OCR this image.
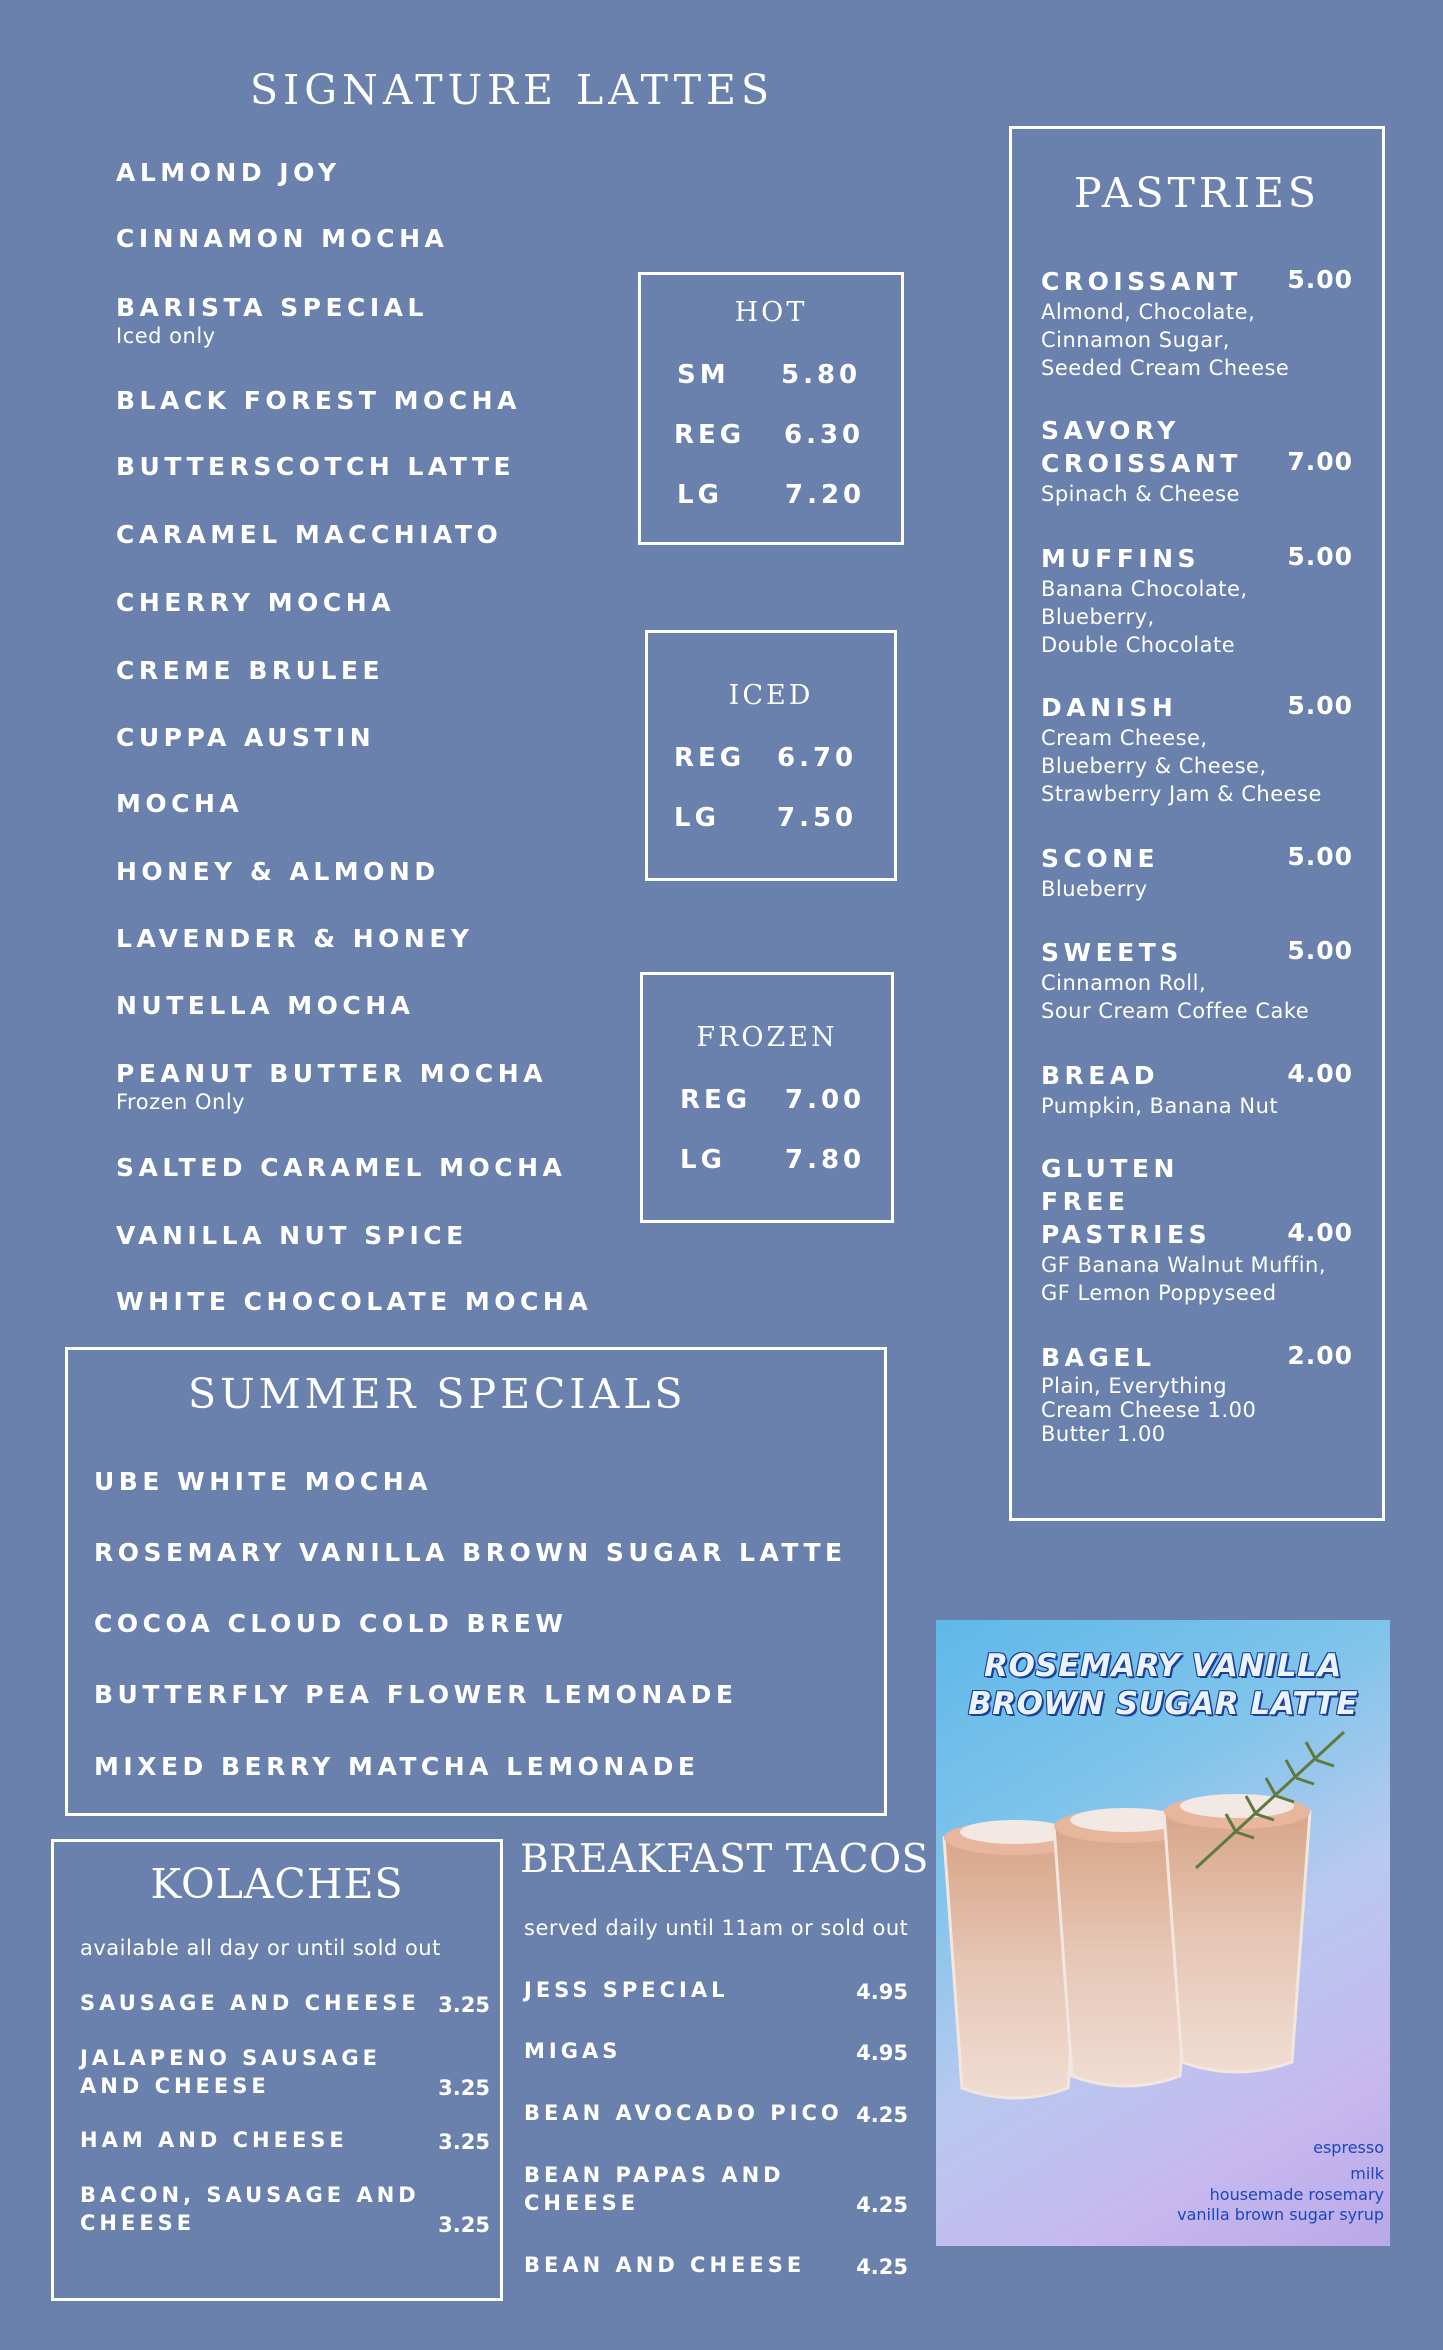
SIGNATURE LATTES
ALMOND JOY
CINNAMON MOCHA
BARISTA SPECIAL
Iced only
BLACK FOREST MOCHA
BUTTERSCOTCH LATTE
CARAMEL MACCHIATO
CHERRY MOCHA
CREME BRULEE
CUPPA AUSTIN
MOCHA
HONEY & ALMOND
LAVENDER & HONEY
NUTELLA MOCHA
PEANUT BUTTER MOCHA
Frozen Only
SALTED CARAMEL MOCHA
VANILLA NUT SPICE
WHITE CHOCOLATE MOCHA
HOT
SM 5.80
REG 6.30
LG 7.20
ICED
REG 6.70
LG 7.50
FROZEN
REG 7.00
LG 7.80
PASTRIES
CROISSANT	5.00
Almond, Chocolate,
Cinnamon Sugar,
Seeded Cream Cheese
SAVORY
CROISSANT	7.00
Spinach & Cheese
MUFFINS	5.00
Banana Chocolate,
Blueberry,
Double Chocolate
DANISH	5.00
Cream Cheese,
Blueberry & Cheese,
Strawberry Jam & Cheese
SCONE	5.00
Blueberry
SWEETS	5.00
Cinnamon Roll,
Sour Cream Coffee Cake
BREAD	4.00
Pumpkin, Banana Nut
GLUTEN
FREE
PASTRIES	4.00
GF Banana Walnut Muffin,
GF Lemon Poppyseed
BAGEL	2.00
Plain, Everything
Cream Cheese 1.00
Butter 1.00
SUMMER SPECIALS
UBE WHITE MOCHA
ROSEMARY VANILLA BROWN SUGAR LATTE
COCOA CLOUD COLD BREW
BUTTERFLY PEA FLOWER LEMONADE
MIXED BERRY MATCHA LEMONADE
KOLACHES
available all day or until sold out
SAUSAGE AND CHEESE 3.25
JALAPENO SAUSAGE
AND CHEESE	3.25
HAM AND CHEESE	3.25
BACON, SAUSAGE AND
CHEESE	3.25
BREAKFAST TACOS
served daily until 11am or sold out
JESS SPECIAL	4.95
MIGAS	4.95
BEAN AVOCADO PICO 4.25
BEAN PAPAS AND
CHEESE	4.25
BEAN AND CHEESE	4.25
ROSEMARY VANILLA
BROWN SUGAR LATTE
espresso
milk
housemade rosemary
vanilla brown sugar syrup
